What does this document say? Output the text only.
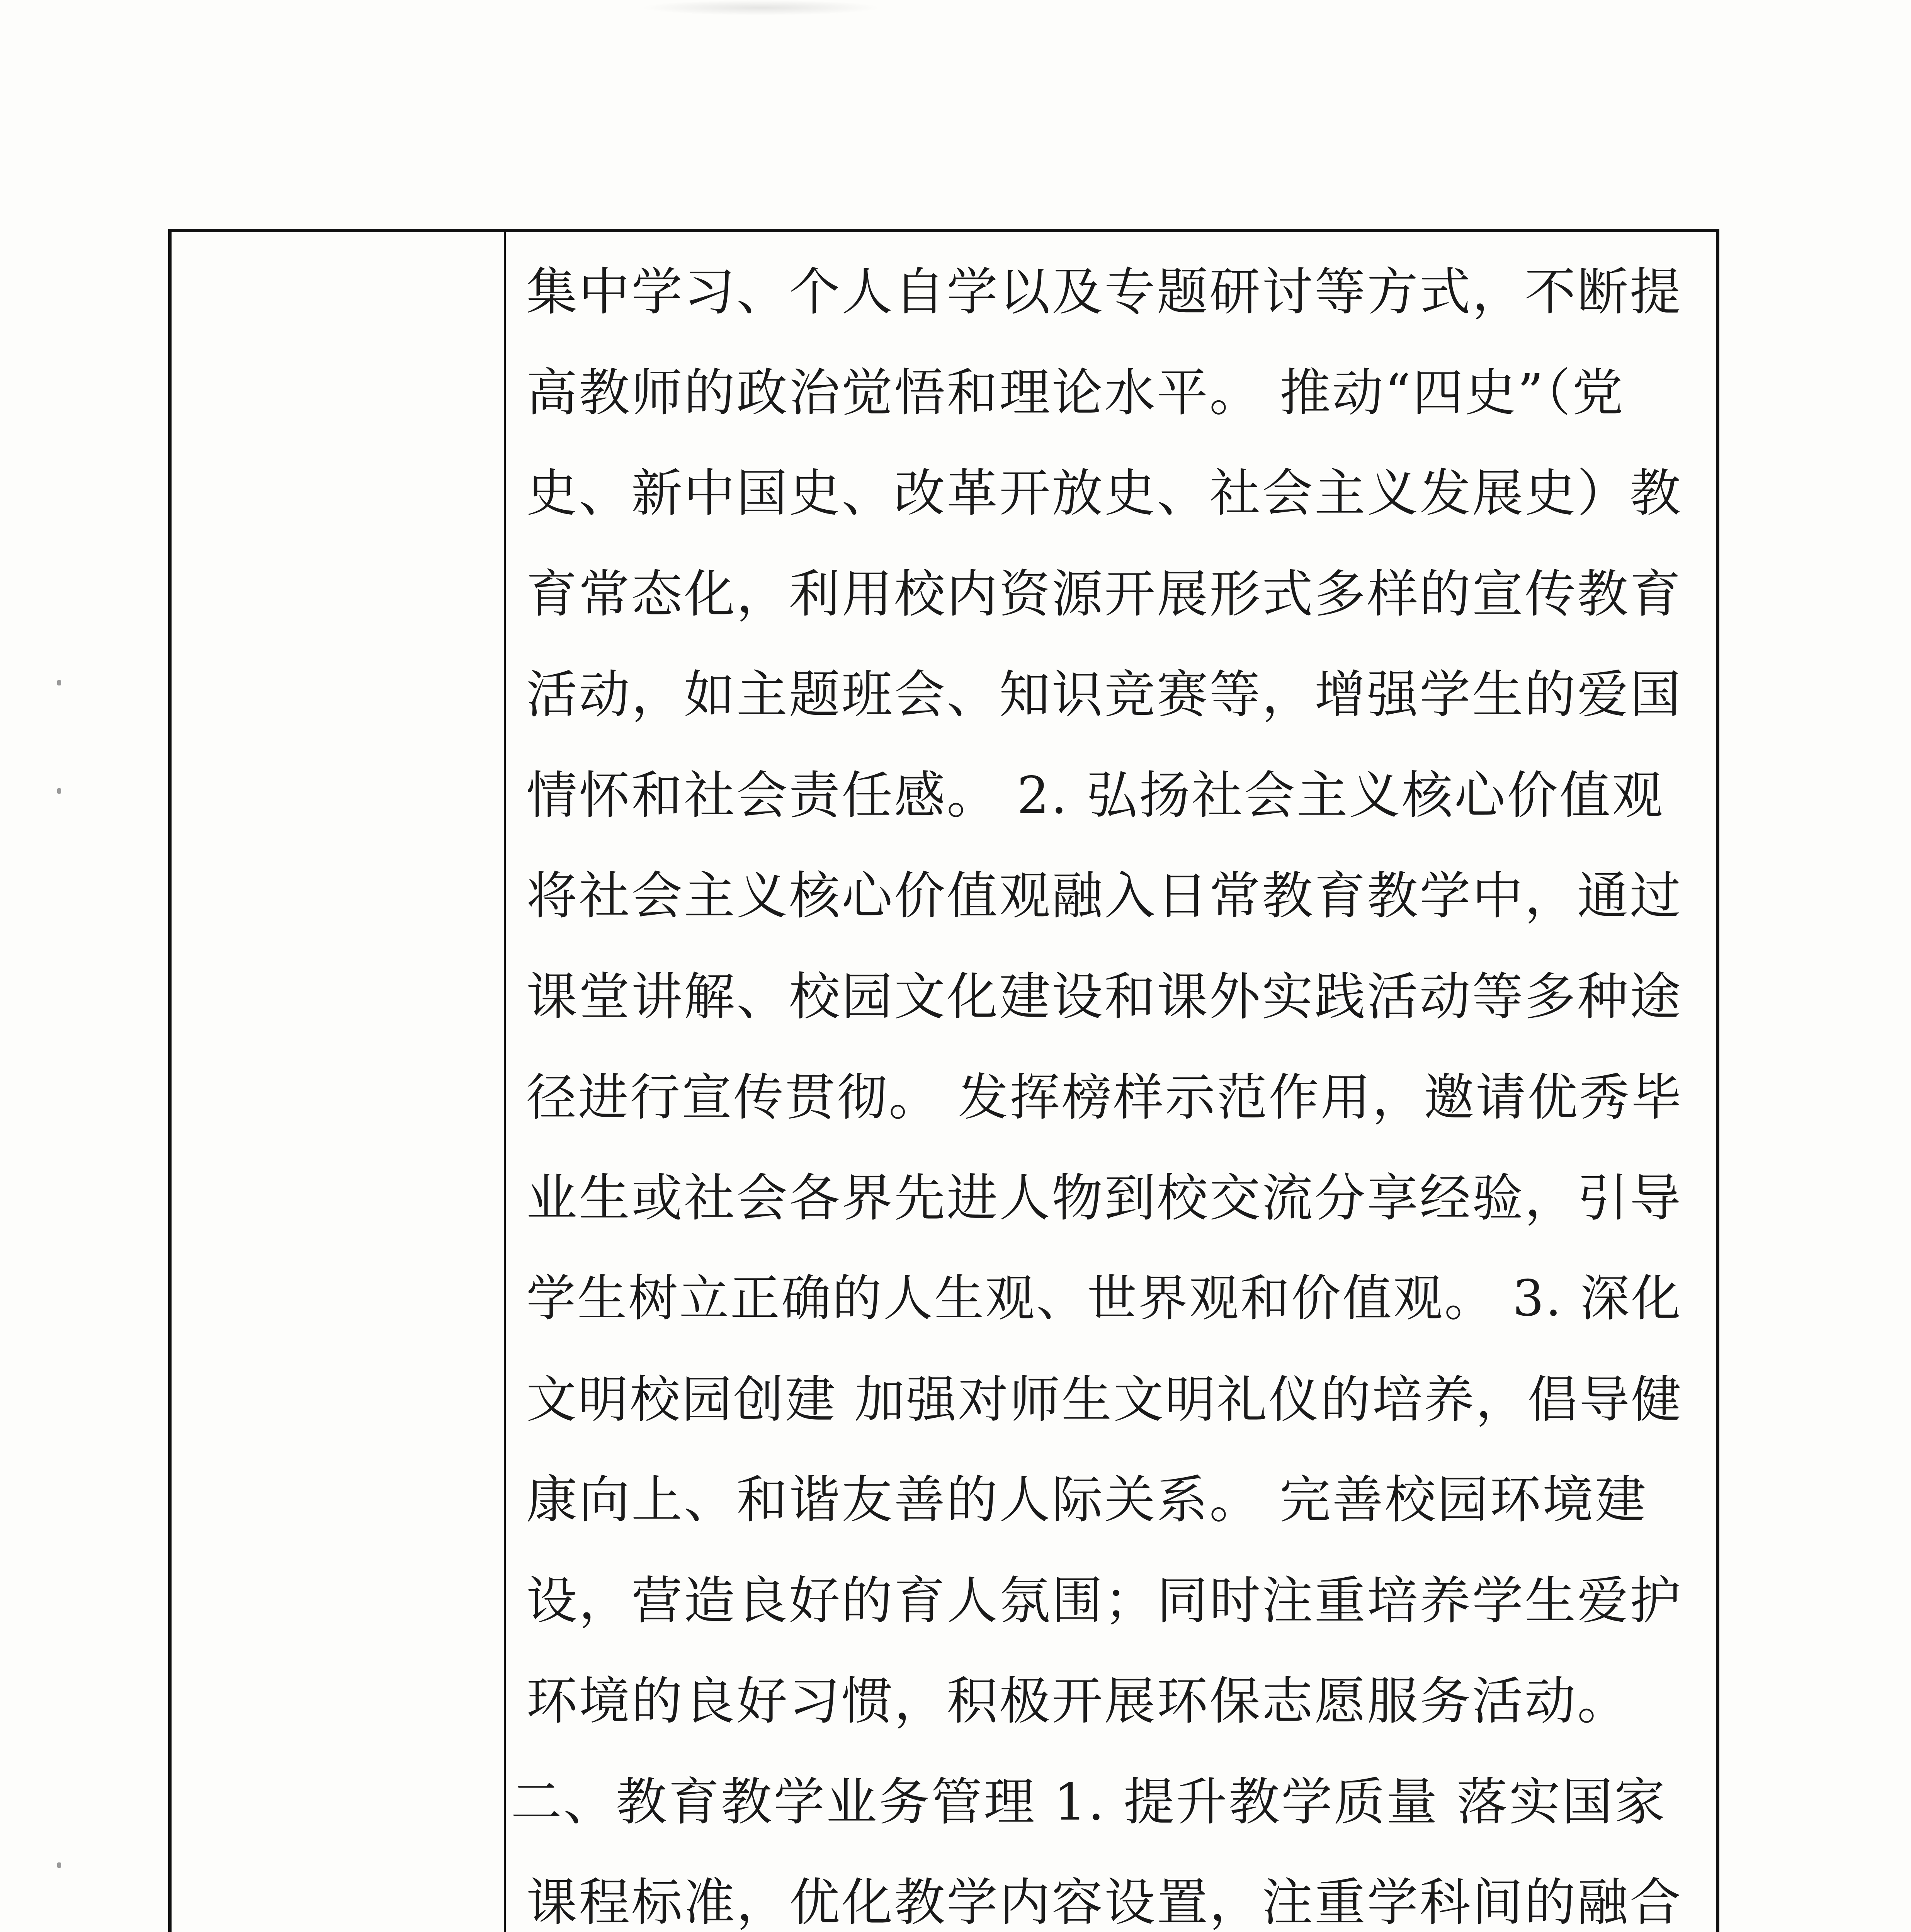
集中学习、个人自学以及专题研讨等方式，不断提
高教师的政治觉悟和理论水平。 推动“四史”（党
史、新中国史、改革开放史、社会主义发展史）教
育常态化，利用校内资源开展形式多样的宣传教育
活动，如主题班会、知识竞赛等，增强学生的爱国
情怀和社会责任感。 2. 弘扬社会主义核心价值观
将社会主义核心价值观融入日常教育教学中，通过
课堂讲解、校园文化建设和课外实践活动等多种途
径进行宣传贯彻。 发挥榜样示范作用，邀请优秀毕
业生或社会各界先进人物到校交流分享经验，引导
学生树立正确的人生观、世界观和价值观。 3. 深化
文明校园创建 加强对师生文明礼仪的培养，倡导健
康向上、和谐友善的人际关系。 完善校园环境建
设，营造良好的育人氛围；同时注重培养学生爱护
环境的良好习惯，积极开展环保志愿服务活动。
二、教育教学业务管理 1. 提升教学质量 落实国家
课程标准，优化教学内容设置，注重学科间的融合
